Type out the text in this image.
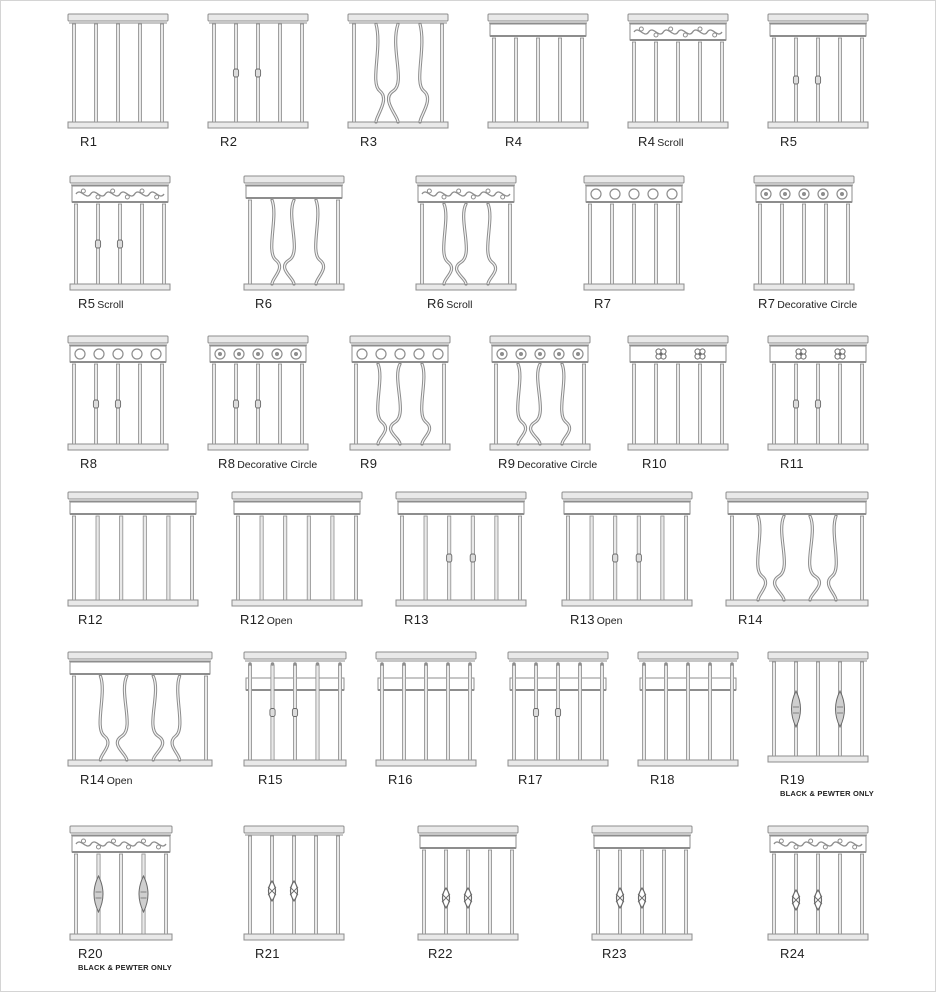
R1	R2	R3	R4	R4 Scroll	R5
R5 Scroll	R6	R6 Scroll	R7	R7 Decorative Circle
R8	R8 Decorative Circle	R9	R9 Decorative Circle	R10	R11
R12	R12 Open	R13	R13 Open	R14
R14 Open	R15	R16	R17	R18	R19
BLACK & PEWTER ONLY
R20
BLACK & PEWTER ONLY
R21	R22	R23	R24
